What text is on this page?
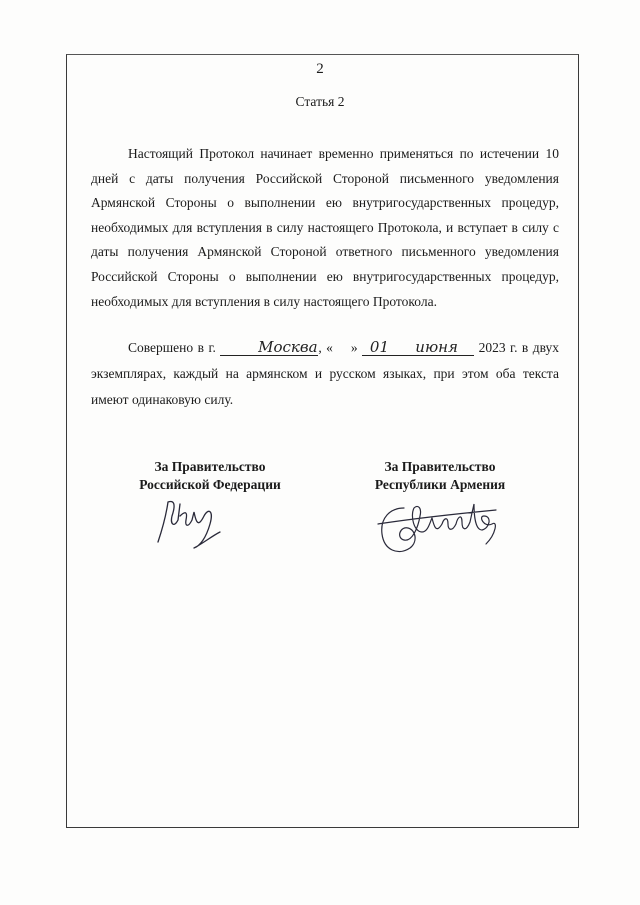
2
Статья 2

Настоящий Протокол начинает временно применяться по истечении 10 дней с даты получения Российской Стороной письменного уведомления Армянской Стороны о выполнении ею внутригосударственных процедур, необходимых для вступления в силу настоящего Протокола, и вступает в силу с даты получения Армянской Стороной ответного письменного уведомления Российской Стороны о выполнении ею внутригосударственных процедур, необходимых для вступления в силу настоящего Протокола.

Совершено в г.	Москва, « 01»	июня 2023 г. в двух экземплярах, каждый на армянском и русском языках, при этом оба текста имеют одинаковую силу.

За Правительство
Российской Федерации
За Правительство
Республики Армения
